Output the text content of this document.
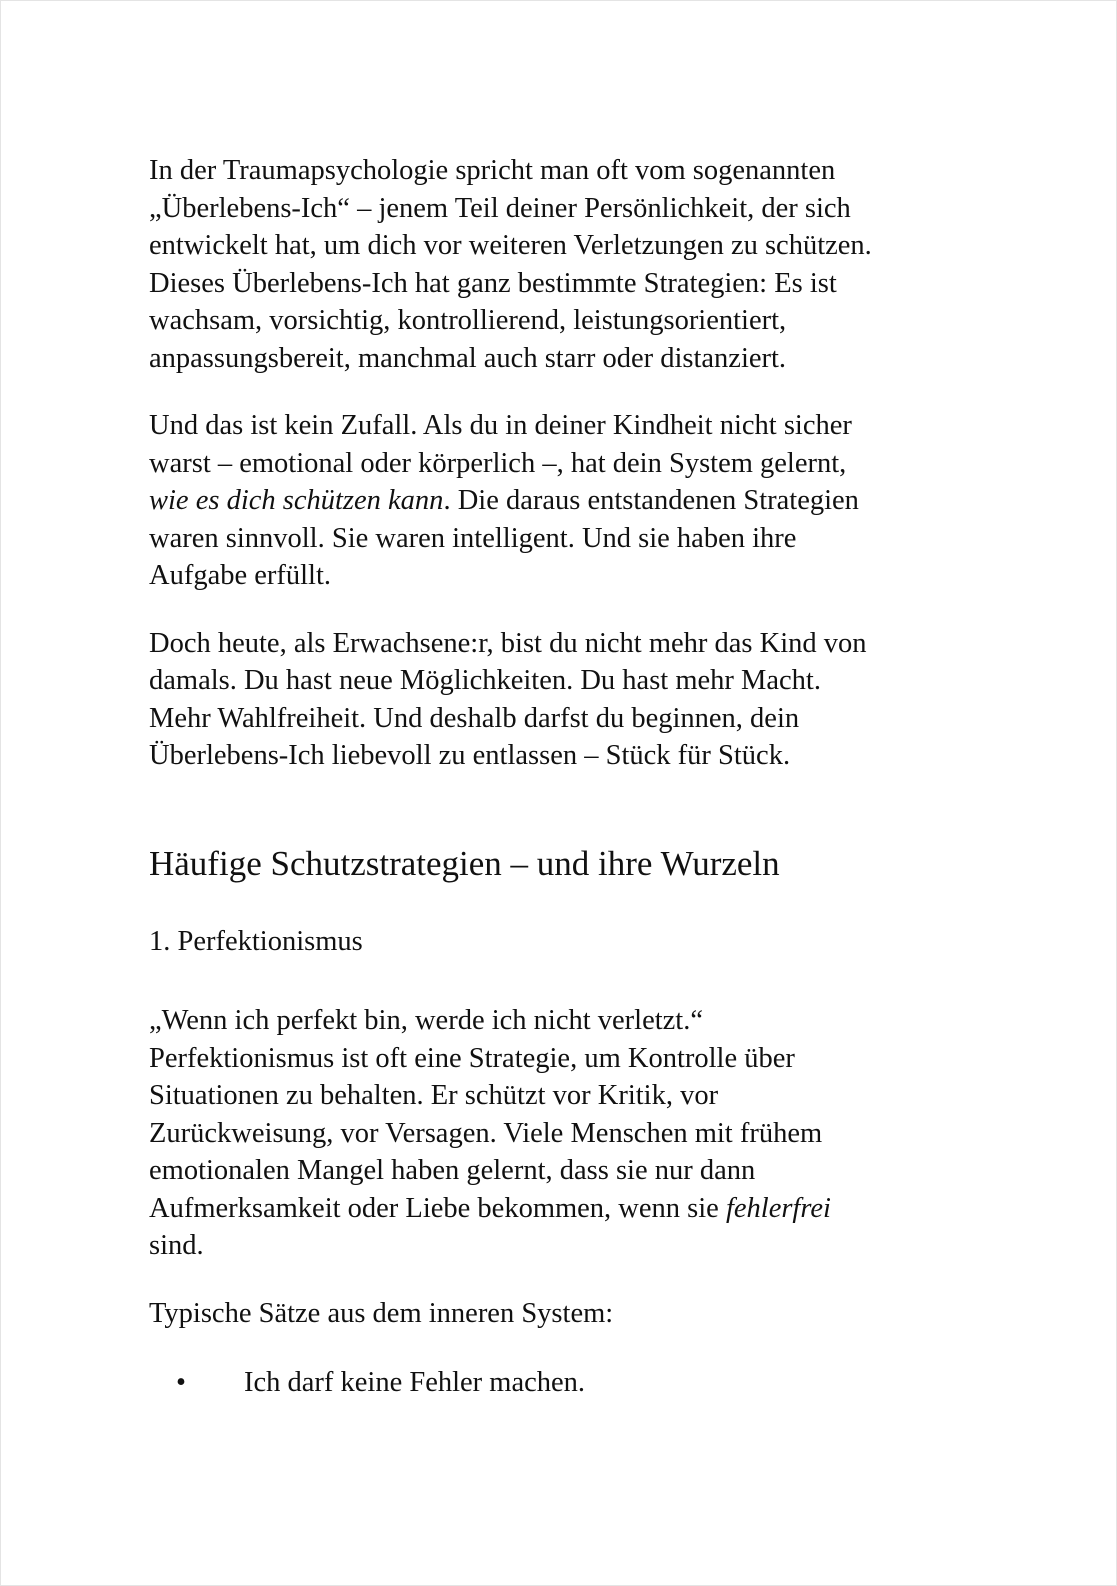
In der Traumapsychologie spricht man oft vom sogenannten
„Überlebens-Ich“ – jenem Teil deiner Persönlichkeit, der sich
entwickelt hat, um dich vor weiteren Verletzungen zu schützen.
Dieses Überlebens-Ich hat ganz bestimmte Strategien: Es ist
wachsam, vorsichtig, kontrollierend, leistungsorientiert,
anpassungsbereit, manchmal auch starr oder distanziert.

Und das ist kein Zufall. Als du in deiner Kindheit nicht sicher
warst – emotional oder körperlich –, hat dein System gelernt,
wie es dich schützen kann. Die daraus entstandenen Strategien
waren sinnvoll. Sie waren intelligent. Und sie haben ihre
Aufgabe erfüllt.

Doch heute, als Erwachsene:r, bist du nicht mehr das Kind von
damals. Du hast neue Möglichkeiten. Du hast mehr Macht.
Mehr Wahlfreiheit. Und deshalb darfst du beginnen, dein
Überlebens-Ich liebevoll zu entlassen – Stück für Stück.

Häufige Schutzstrategien – und ihre Wurzeln
1. Perfektionismus

„Wenn ich perfekt bin, werde ich nicht verletzt.“
Perfektionismus ist oft eine Strategie, um Kontrolle über
Situationen zu behalten. Er schützt vor Kritik, vor
Zurückweisung, vor Versagen. Viele Menschen mit frühem
emotionalen Mangel haben gelernt, dass sie nur dann
Aufmerksamkeit oder Liebe bekommen, wenn sie fehlerfrei
sind.

Typische Sätze aus dem inneren System:

• Ich darf keine Fehler machen.
